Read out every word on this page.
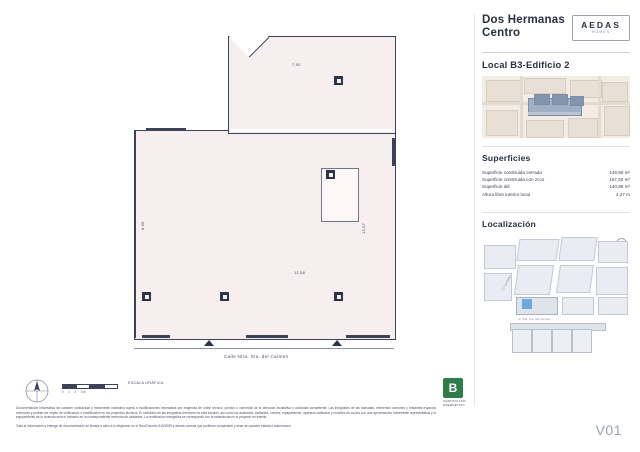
Dos Hermanas
Centro
AEDAS
HOMES
Local B3-Edificio 2
Superficies
Superficie construida cerrada	149,60 m²
Superficie construida con zcco	167,60 m²
Superficie útil	140,85 m²
Altura libre interior local	4,27 m
Localización
C/ Canónigo
C/ Vda. Sra. del Carmen
7,92
8,66	13,57
12,58
Calle Ntra. Sra. del Carmen
0 1 2 3 m
ESCALA GRÁFICA	B
CERTIFICADO ENERGÉTICO

Documentación informativa sin carácter contractual y meramente ilustrativa sujeta a modificaciones necesarias por exigencia de orden técnico, jurídico o comercial de la dirección facultativa o autoridad competente. Las infografías de las fachadas, elementos comunes y restantes espacios exteriores y podrán ser objeto de verificación o modificación en los proyectos técnicos. El mobiliario de las infografías interiores no está incluido, así como los acabados, calidades, colores, equipamiento, aparatos sanitarios y muebles de cocina son una aproximación meramente representativa y el equipamiento de la vivienda será el indicado en la correspondiente memoria de calidades. La certificación energética se corresponde con la establecida en el proyecto en trámite.

Toda la información y entrega de documentación se llevará a cabo a lo dispuesto en el Real Decreto 515/1989 y demás normas que pudieran completarlo y sean de carácter estatal o autonómico.	V01
